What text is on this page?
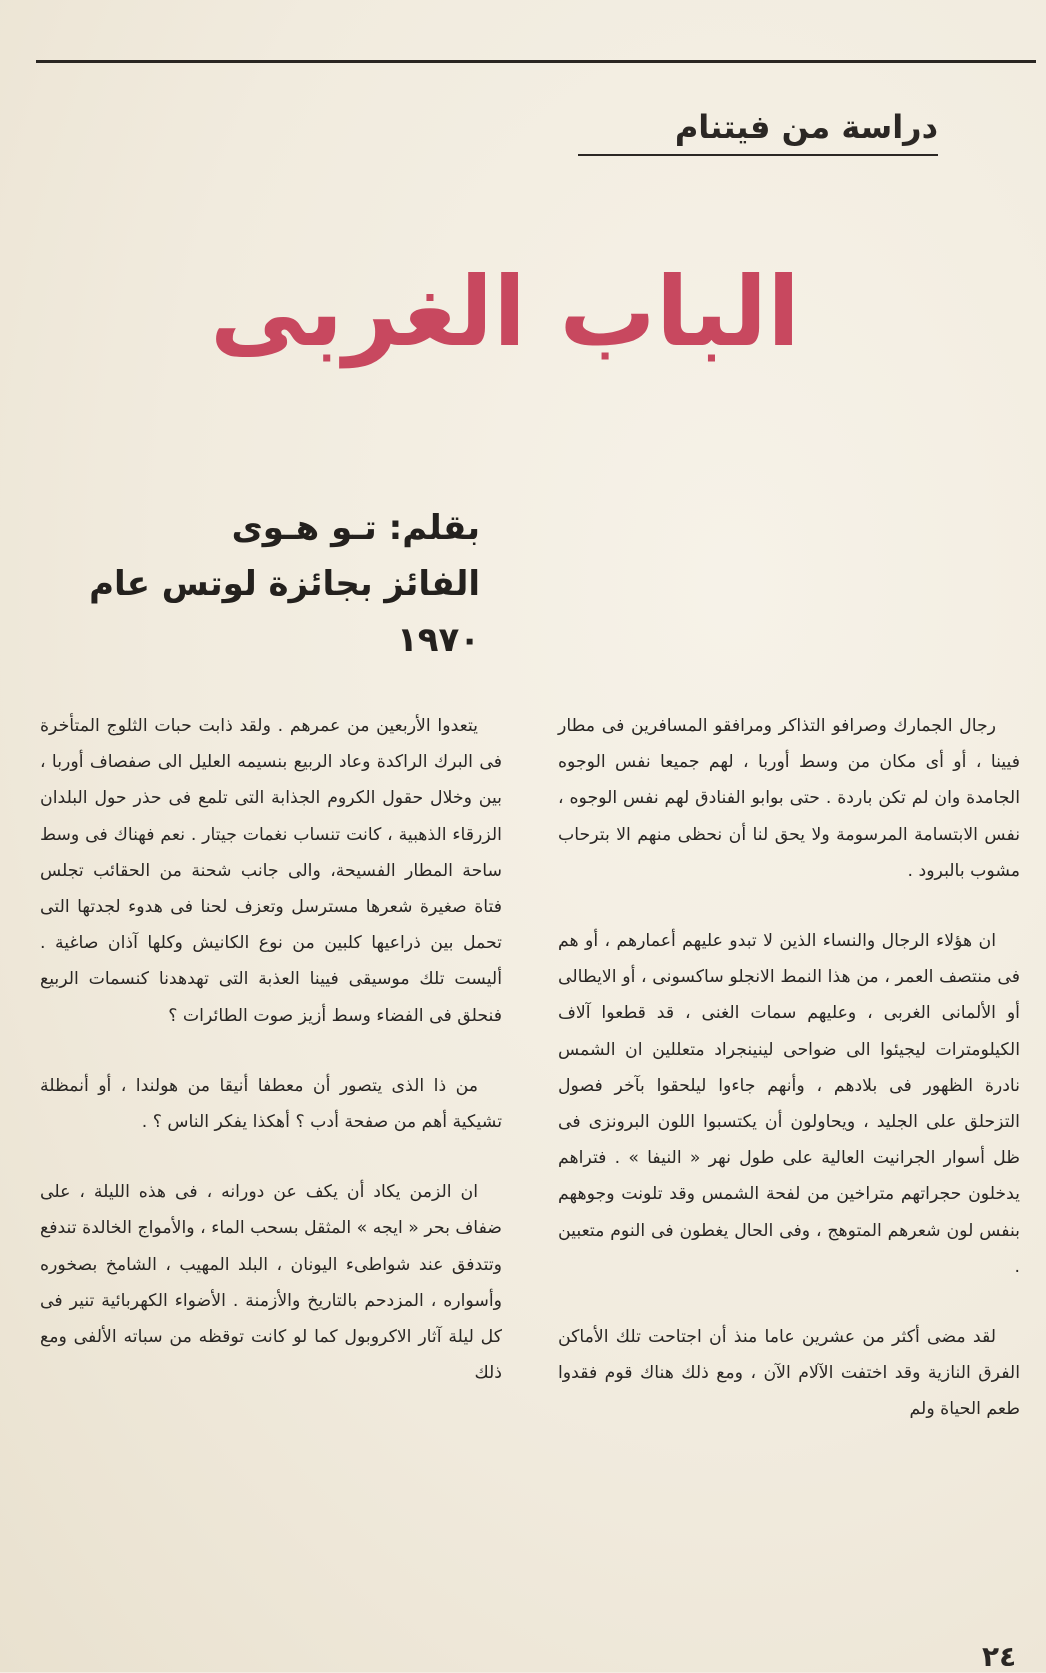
دراسة من فيتنام
الباب الغربى
بقلم: تـو هـوى
الفائز بجائزة لوتس عام ١٩٧٠

رجال الجمارك وصرافو التذاكر ومرافقو المسافرين فى مطار فيينا ، أو أى مكان من وسط أوربا ، لهم جميعا نفس الوجوه الجامدة وان لم تكن باردة . حتى بوابو الفنادق لهم نفس الوجوه ، نفس الابتسامة المرسومة ولا يحق لنا أن نحظى منهم الا بترحاب مشوب بالبرود .

ان هؤلاء الرجال والنساء الذين لا تبدو عليهم أعمارهم ، أو هم فى منتصف العمر ، من هذا النمط الانجلو ساكسونى ، أو الايطالى أو الألمانى الغربى ، وعليهم سمات الغنى ، قد قطعوا آلاف الكيلومترات ليجيئوا الى ضواحى لينينجراد متعللين ان الشمس نادرة الظهور فى بلادهم ، وأنهم جاءوا ليلحقوا بآخر فصول التزحلق على الجليد ، ويحاولون أن يكتسبوا اللون البرونزى فى ظل أسوار الجرانيت العالية على طول نهر « النيفا » . فتراهم يدخلون حجراتهم متراخين من لفحة الشمس وقد تلونت وجوههم بنفس لون شعرهم المتوهج ، وفى الحال يغطون فى النوم متعبين .

لقد مضى أكثر من عشرين عاما منذ أن اجتاحت تلك الأماكن الفرق النازية وقد اختفت الآلام الآن ، ومع ذلك هناك قوم فقدوا طعم الحياة ولم

يتعدوا الأربعين من عمرهم . ولقد ذابت حبات الثلوج المتأخرة فى البرك الراكدة وعاد الربيع بنسيمه العليل الى صفصاف أوربا ، بين وخلال حقول الكروم الجذابة التى تلمع فى حذر حول البلدان الزرقاء الذهبية ، كانت تنساب نغمات جيتار . نعم فهناك فى وسط ساحة المطار الفسيحة، والى جانب شحنة من الحقائب تجلس فتاة صغيرة شعرها مسترسل وتعزف لحنا فى هدوء لجدتها التى تحمل بين ذراعيها كلبين من نوع الكانيش وكلها آذان صاغية . أليست تلك موسيقى فيينا العذبة التى تهدهدنا كنسمات الربيع فنحلق فى الفضاء وسط أزيز صوت الطائرات ؟

من ذا الذى يتصور أن معطفا أنيقا من هولندا ، أو أنمظلة تشيكية أهم من صفحة أدب ؟ أهكذا يفكر الناس ؟ .

ان الزمن يكاد أن يكف عن دورانه ، فى هذه الليلة ، على ضفاف بحر « ايجه » المثقل بسحب الماء ، والأمواج الخالدة تندفع وتتدفق عند شواطىء اليونان ، البلد المهيب ، الشامخ بصخوره وأسواره ، المزدحم بالتاريخ والأزمنة . الأضواء الكهربائية تنير فى كل ليلة آثار الاكروبول كما لو كانت توقظه من سباته الألفى ومع ذلك

٢٤
